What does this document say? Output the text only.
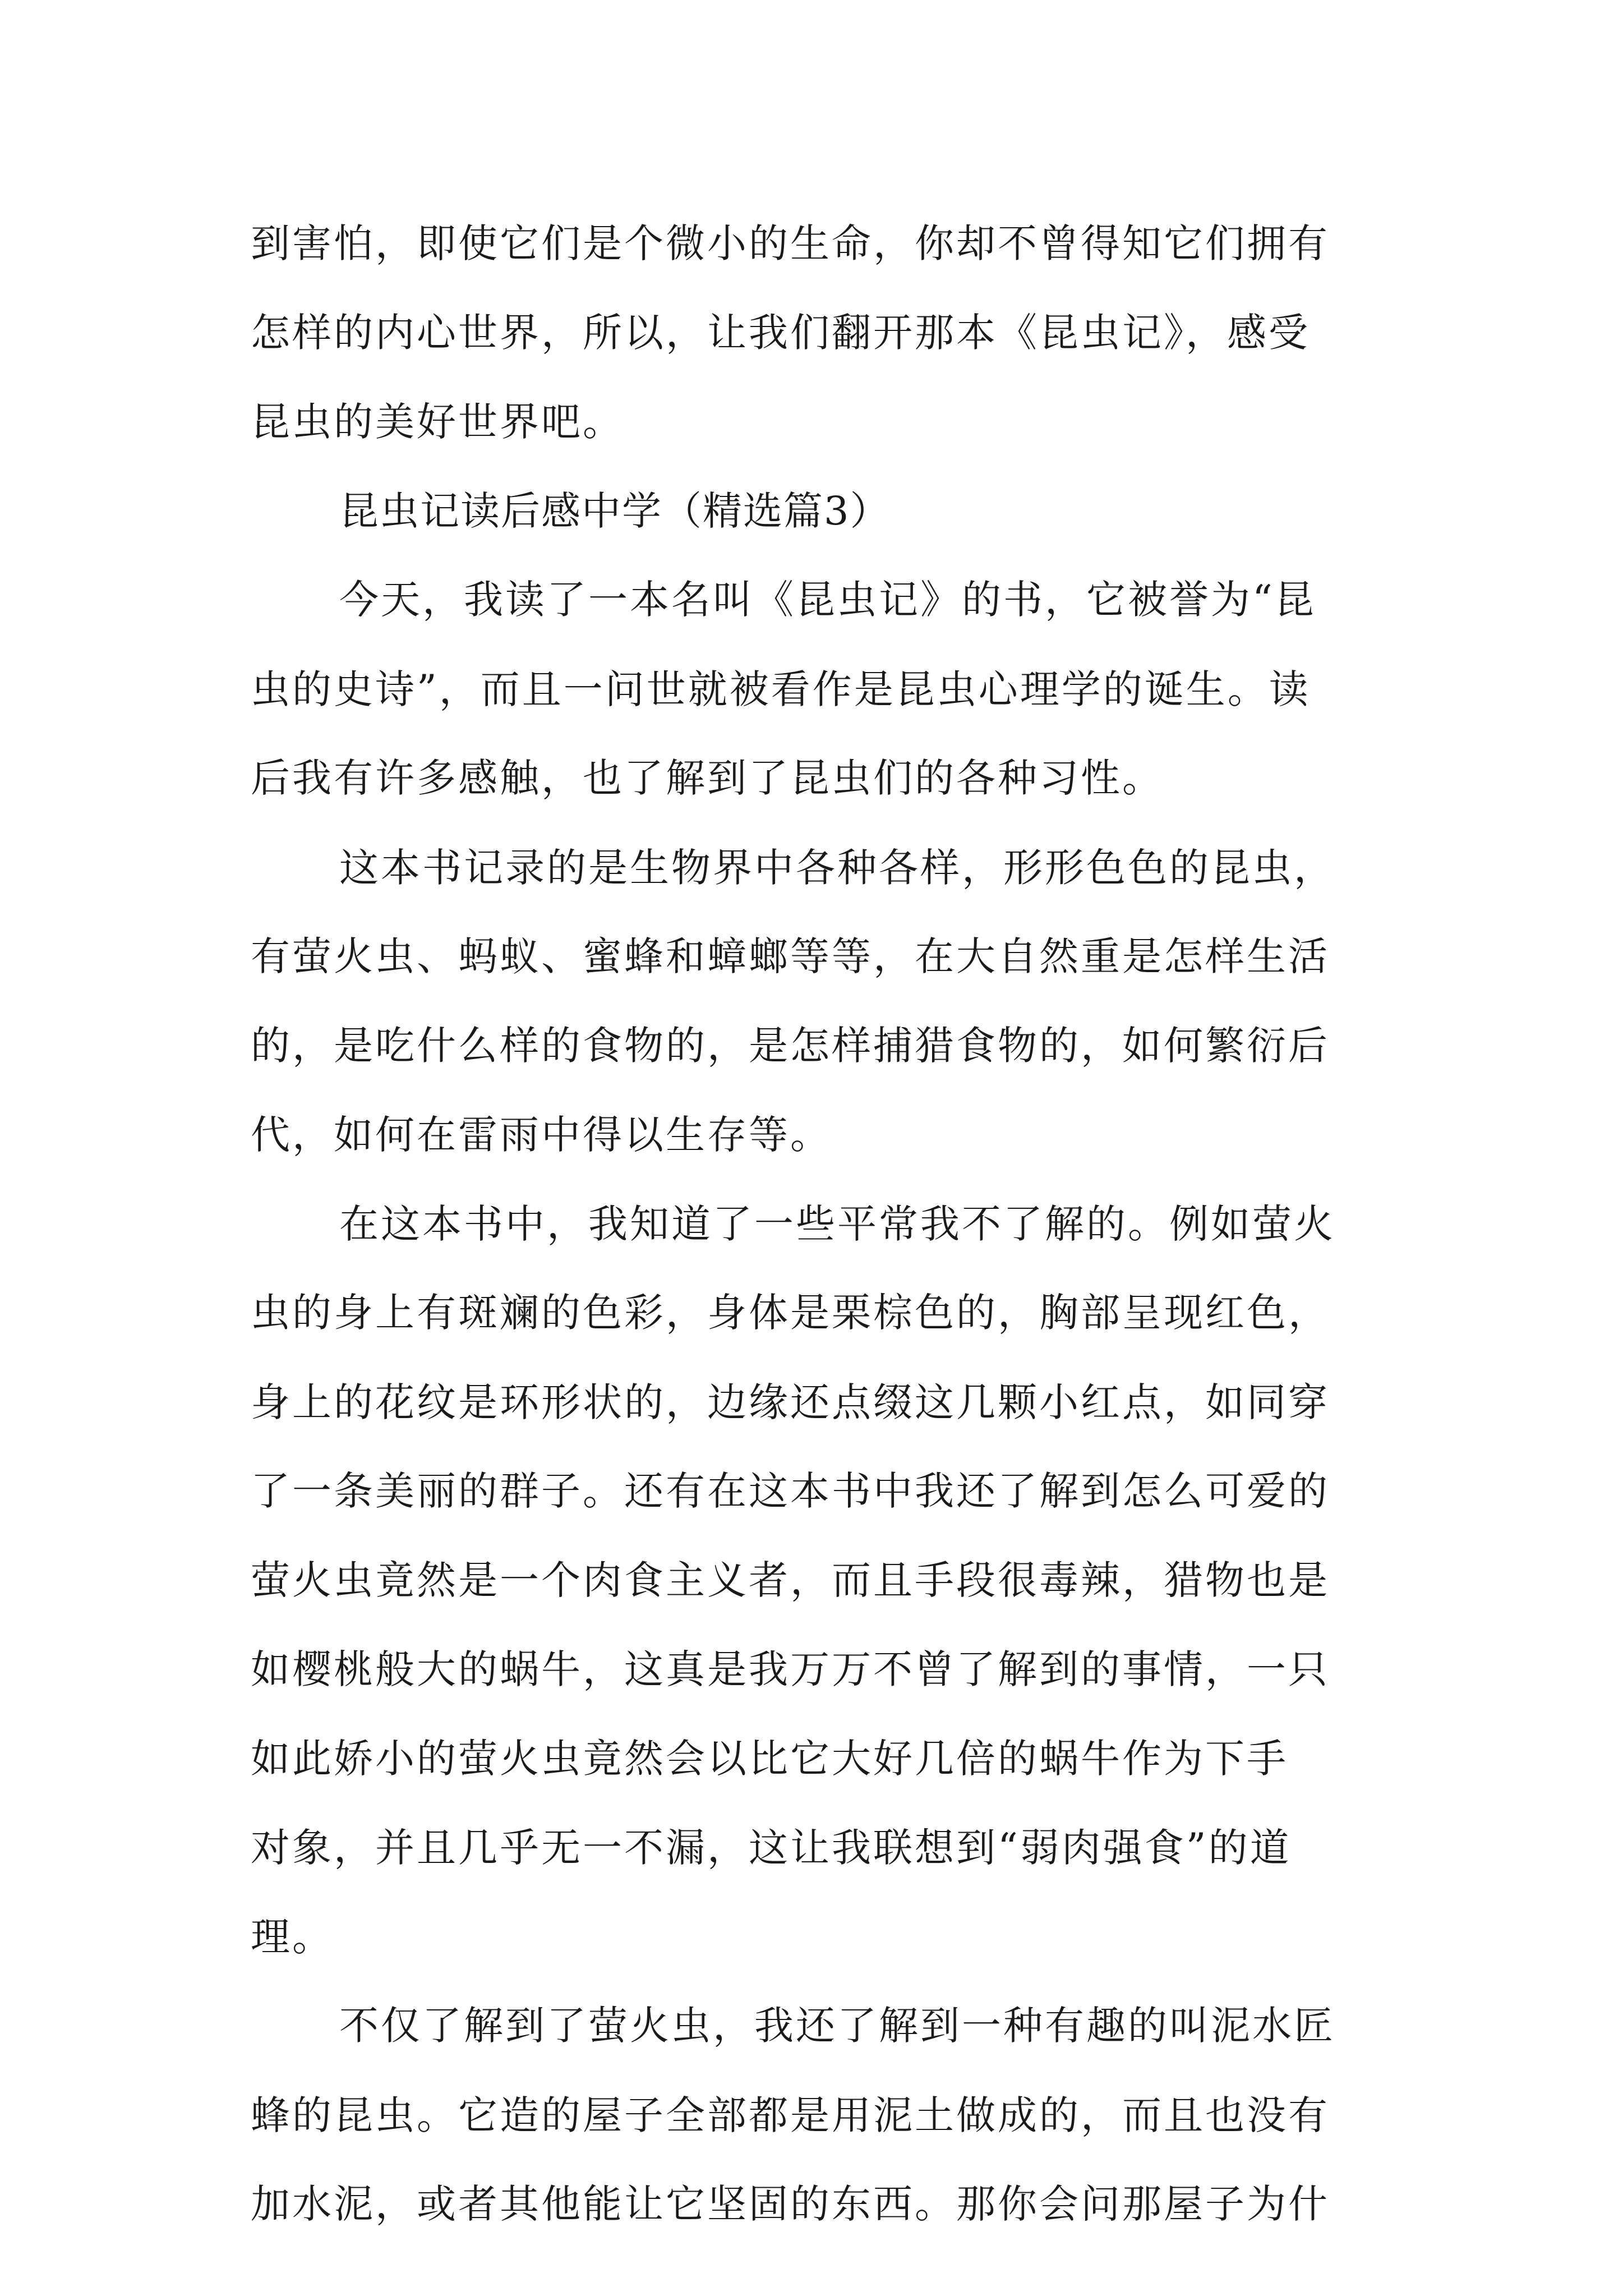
到害怕，即使它们是个微小的生命，你却不曾得知它们拥有
怎样的内心世界，所以，让我们翻开那本《昆虫记》，感受
昆虫的美好世界吧。
昆虫记读后感中学（精选篇3）
今天，我读了一本名叫《昆虫记》的书，它被誉为“昆
虫的史诗”，而且一问世就被看作是昆虫心理学的诞生。读
后我有许多感触，也了解到了昆虫们的各种习性。
这本书记录的是生物界中各种各样，形形色色的昆虫，
有萤火虫、蚂蚁、蜜蜂和蟑螂等等，在大自然重是怎样生活
的，是吃什么样的食物的，是怎样捕猎食物的，如何繁衍后
代，如何在雷雨中得以生存等。
在这本书中，我知道了一些平常我不了解的。例如萤火
虫的身上有斑斓的色彩，身体是栗棕色的，胸部呈现红色，
身上的花纹是环形状的，边缘还点缀这几颗小红点，如同穿
了一条美丽的群子。还有在这本书中我还了解到怎么可爱的
萤火虫竟然是一个肉食主义者，而且手段很毒辣，猎物也是
如樱桃般大的蜗牛，这真是我万万不曾了解到的事情，一只
如此娇小的萤火虫竟然会以比它大好几倍的蜗牛作为下手
对象，并且几乎无一不漏，这让我联想到“弱肉强食”的道
理。
不仅了解到了萤火虫，我还了解到一种有趣的叫泥水匠
蜂的昆虫。它造的屋子全部都是用泥土做成的，而且也没有
加水泥，或者其他能让它坚固的东西。那你会问那屋子为什
